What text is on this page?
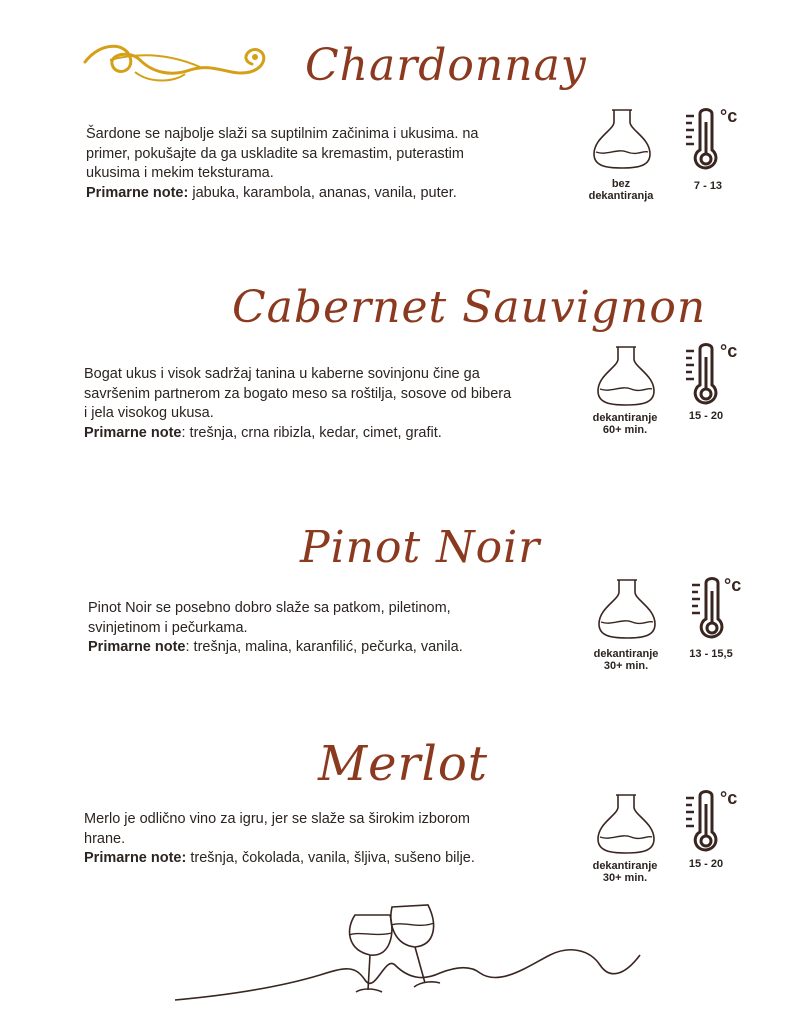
Chardonnay
Šardone se najbolje slaži sa suptilnim začinima i ukusima. na primer, pokušajte da ga uskladite sa kremastim, puterastim ukusima i mekim teksturama.
Primarne note: jabuka, karambola, ananas, vanila, puter.
bez
dekantiranja
°c
7 - 13
Cabernet Sauvignon
Bogat ukus i visok sadržaj tanina u kaberne sovinjonu čine ga savršenim partnerom za bogato meso sa roštilja, sosove od bibera i jela visokog ukusa.
Primarne note: trešnja, crna ribizla, kedar, cimet, grafit.
dekantiranje
60+ min.
°c
15 - 20
Pinot Noir
Pinot Noir se posebno dobro slaže sa patkom, piletinom, svinjetinom i pečurkama.
Primarne note: trešnja, malina, karanfilić, pečurka, vanila.	dekantiranje
30+ min.
°c
13 - 15,5
Merlot
Merlo je odlično vino za igru, jer se slaže sa širokim izborom hrane.
Primarne note: trešnja, čokolada, vanila, šljiva, sušeno bilje.	dekantiranje
30+ min.
°c
15 - 20
